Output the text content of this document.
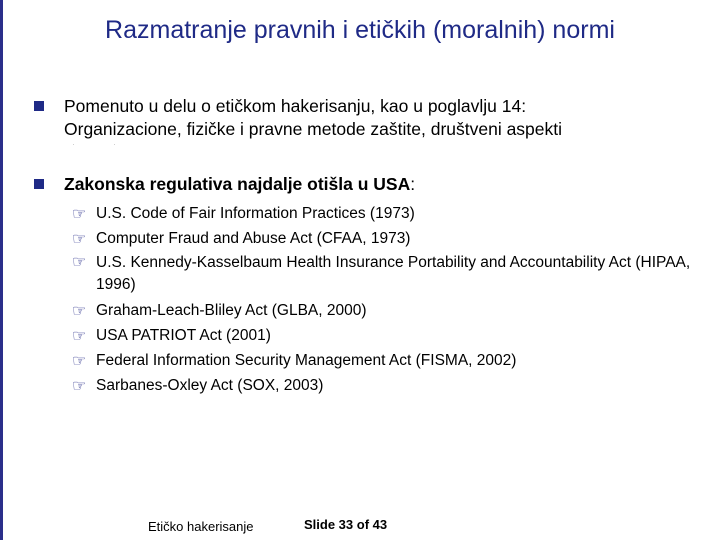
Razmatranje pravnih i etičkih (moralnih) normi
Pomenuto u delu o etičkom hakerisanju, kao u poglavlju 14:
Organizacione, fizičke i pravne metode zaštite, društveni aspekti
··
Zakonska regulativa najdalje otišla u USA:
☞ U.S. Code of Fair Information Practices (1973)
☞ Computer Fraud and Abuse Act (CFAA, 1973)
☞ U.S. Kennedy-Kasselbaum Health Insurance Portability and Accountability Act (HIPAA, 1996)
☞ Graham-Leach-Bliley Act (GLBA, 2000)
☞ USA PATRIOT Act (2001)
☞ Federal Information Security Management Act (FISMA, 2002)
☞ Sarbanes-Oxley Act (SOX, 2003)
Etičko hakerisanje	Slide 33 of 43
